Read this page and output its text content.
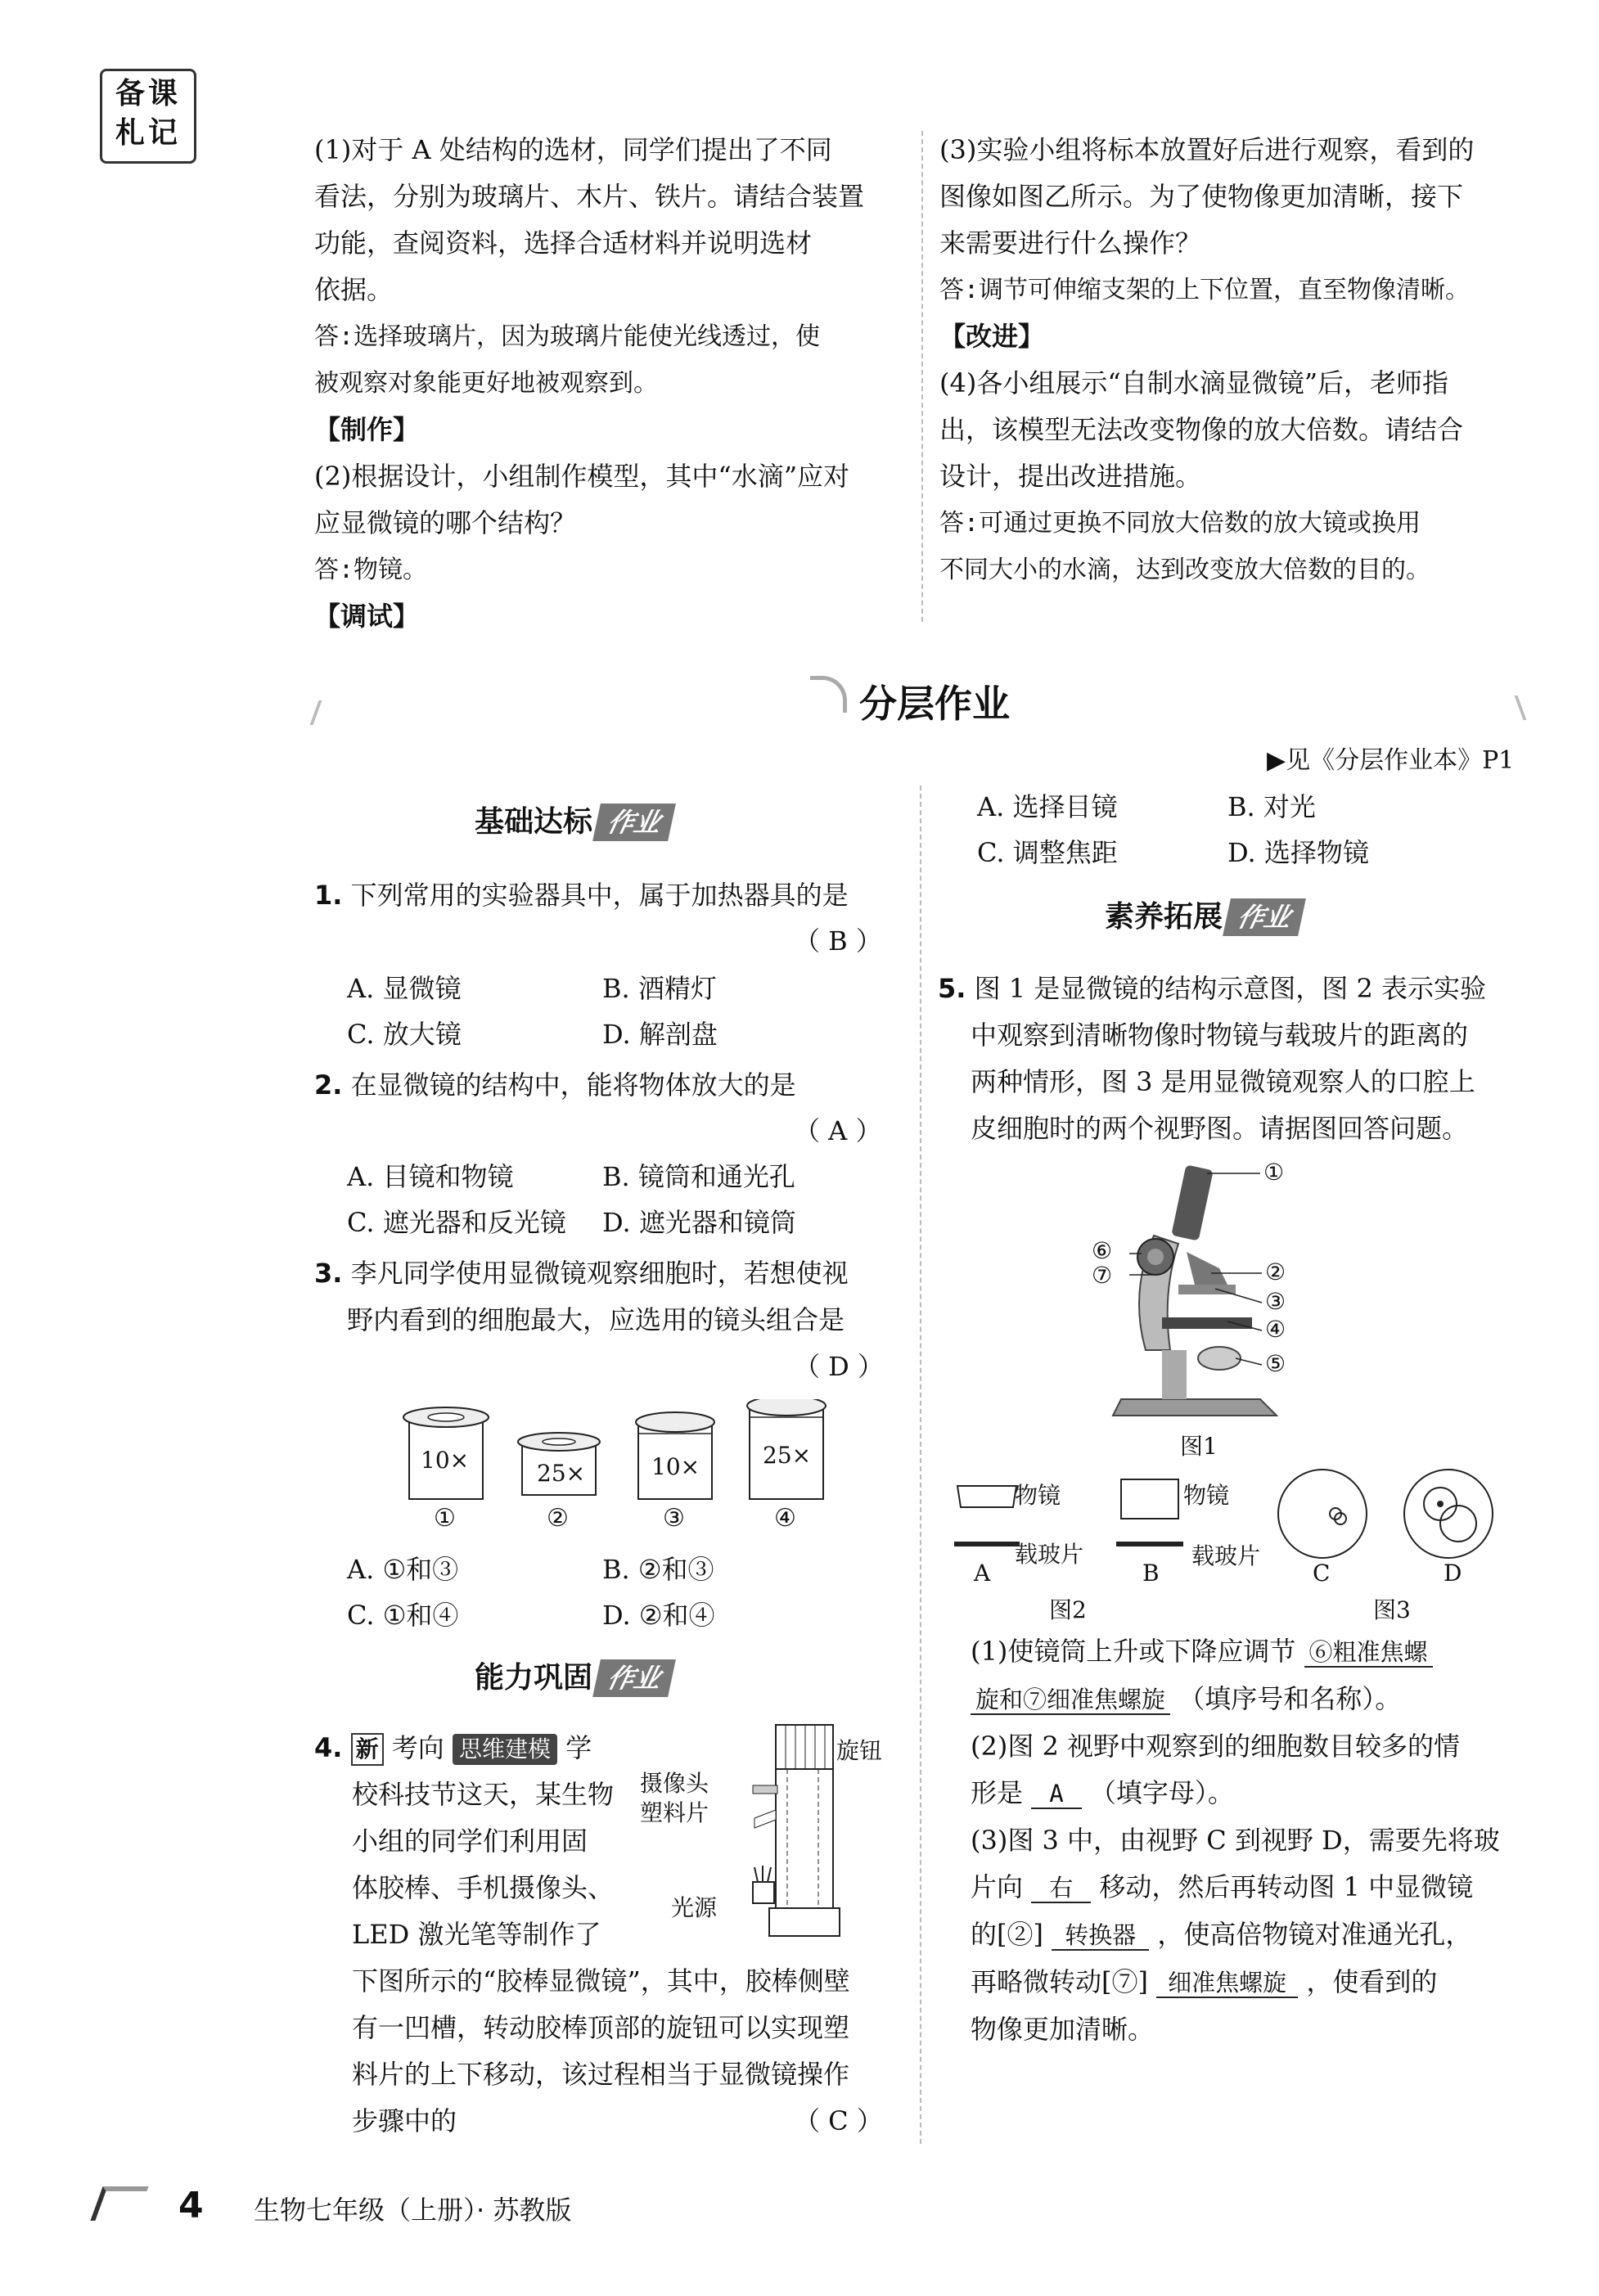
备课
札记	(1)对于 A 处结构的选材，同学们提出了不同
看法，分别为玻璃片、木片、铁片。请结合装置
功能，查阅资料，选择合适材料并说明选材
依据。
答:选择玻璃片，因为玻璃片能使光线透过，使
被观察对象能更好地被观察到。
【制作】
(2)根据设计，小组制作模型，其中“水滴”应对
应显微镜的哪个结构？
答:物镜。
【调试】
(3)实验小组将标本放置好后进行观察，看到的
图像如图乙所示。为了使物像更加清晰，接下
来需要进行什么操作？
答:调节可伸缩支架的上下位置，直至物像清晰。
【改进】
(4)各小组展示“自制水滴显微镜”后，老师指
出，该模型无法改变物像的放大倍数。请结合
设计，提出改进措施。
答:可通过更换不同放大倍数的放大镜或换用
不同大小的水滴，达到改变放大倍数的目的。
分层作业
▶见《分层作业本》P1
基础达标 作业
1. 下列常用的实验器具中，属于加热器具的是
（ B ）
A. 显微镜	B. 酒精灯
C. 放大镜	D. 解剖盘
2. 在显微镜的结构中，能将物体放大的是
（ A ）
A. 目镜和物镜	B. 镜筒和通光孔
C. 遮光器和反光镜 D. 遮光器和镜筒
3. 李凡同学使用显微镜观察细胞时，若想使视
野内看到的细胞最大，应选用的镜头组合是
（ D ）
10×	25×	10×	25×
①	②	③	④
A. ①和③	B. ②和③
C. ①和④	D. ②和④
能力巩固 作业
4. 新 考向 思维建模 学
校科技节这天，某生物
小组的同学们利用固
体胶棒、手机摄像头、
LED 激光笔等制作了
下图所示的“胶棒显微镜”，其中，胶棒侧壁
有一凹槽，转动胶棒顶部的旋钮可以实现塑
料片的上下移动，该过程相当于显微镜操作
步骤中的	（ C ）
旋钮
摄像头
塑料片
光源
A. 选择目镜	B. 对光
C. 调整焦距	D. 选择物镜
素养拓展 作业
5. 图 1 是显微镜的结构示意图，图 2 表示实验
中观察到清晰物像时物镜与载玻片的距离的
两种情形，图 3 是用显微镜观察人的口腔上
皮细胞时的两个视野图。请据图回答问题。
①
②
③
④
⑤
⑥
⑦
图1
物镜
载玻片
物镜
载玻片
A	B
图2
C	D
图3
(1)使镜筒上升或下降应调节 ⑥粗准焦螺
旋和⑦细准焦螺旋 （填序号和名称）。
(2)图 2 视野中观察到的细胞数目较多的情
形是 A （填字母）。
(3)图 3 中，由视野 C 到视野 D，需要先将玻
片向 右 移动，然后再转动图 1 中显微镜
的[②] 转换器 ，使高倍物镜对准通光孔，
再略微转动[⑦] 细准焦螺旋 ，使看到的
物像更加清晰。
4 生物七年级（上册）· 苏教版
